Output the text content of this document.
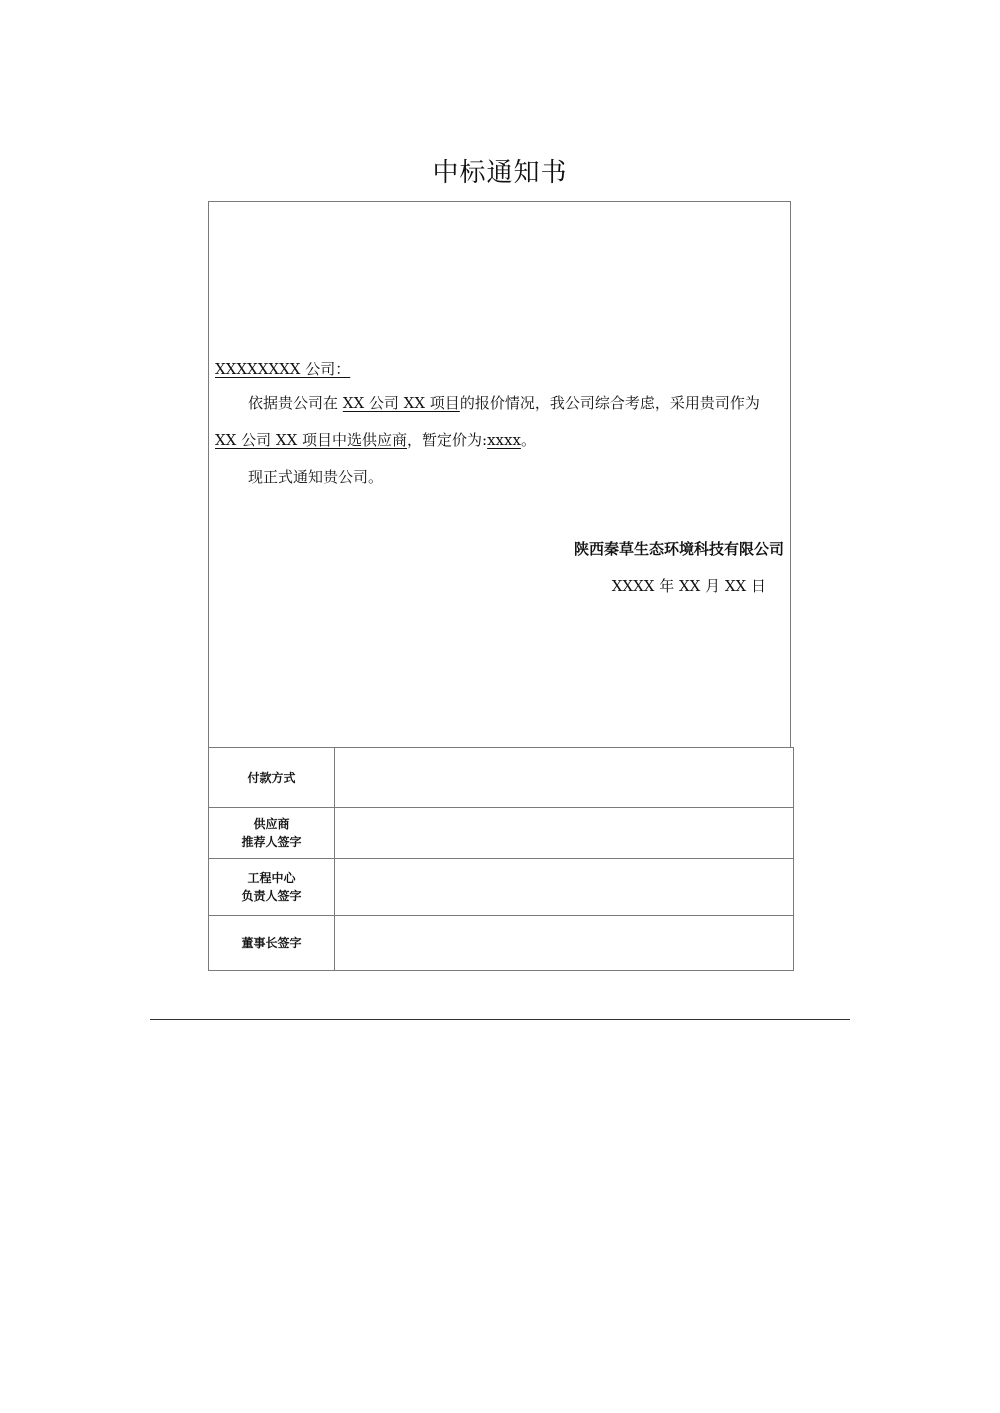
中标通知书
XXXXXXXX 公司：
依据贵公司在 XX 公司 XX 项目的报价情况，我公司综合考虑，采用贵司作为
XX 公司 XX 项目中选供应商，暂定价为:xxxx。
现正式通知贵公司。
陕西秦草生态环境科技有限公司
XXXX 年 XX 月 XX 日
付款方式	
供应商
推荐人签字	
工程中心
负责人签字	
董事长签字	
